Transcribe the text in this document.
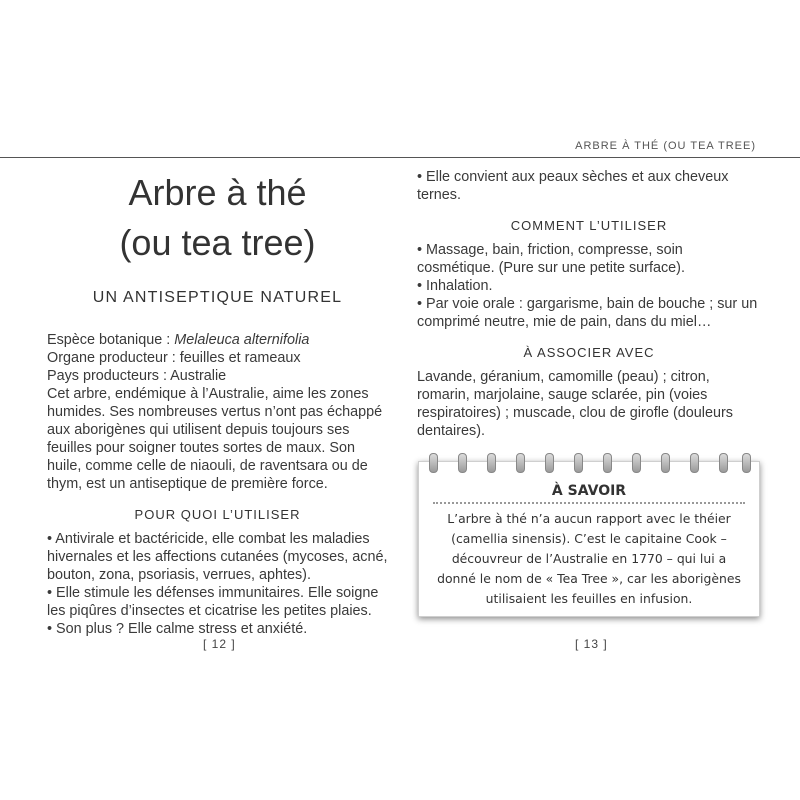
ARBRE À THÉ (OU TEA TREE)
Arbre à thé
(ou tea tree)
UN ANTISEPTIQUE NATUREL

Espèce botanique : Melaleuca alternifolia

Organe producteur : feuilles et rameaux

Pays producteurs : Australie

Cet arbre, endémique à l’Australie, aime les zones humides. Ses nombreuses vertus n’ont pas échappé aux aborigènes qui utilisent depuis toujours ses feuilles pour soigner toutes sortes de maux. Son huile, comme celle de niaouli, de raventsara ou de thym, est un antiseptique de première force.

POUR QUOI L’UTILISER
• Antivirale et bactéricide, elle combat les maladies hivernales et les affections cutanées (mycoses, acné, bouton, zona, psoriasis, verrues, aphtes).
• Elle stimule les défenses immunitaires. Elle soigne les piqûres d’insectes et cicatrise les petites plaies.
• Son plus ? Elle calme stress et anxiété.
[ 12 ]

• Elle convient aux peaux sèches et aux cheveux ternes.

COMMENT L’UTILISER
• Massage, bain, friction, compresse, soin cosmétique. (Pure sur une petite surface).
• Inhalation.
• Par voie orale : gargarisme, bain de bouche ; sur un comprimé neutre, mie de pain, dans du miel…
À ASSOCIER AVEC

Lavande, géranium, camomille (peau) ; citron, romarin, marjolaine, sauge sclarée, pin (voies respiratoires) ; muscade, clou de girofle (douleurs dentaires).

À SAVOIR
L’arbre à thé n’a aucun rapport avec le théier (camellia sinensis). C’est le capitaine Cook – découvreur de l’Australie en 1770 – qui lui a donné le nom de « Tea Tree », car les aborigènes utilisaient les feuilles en infusion.
[ 13 ]
